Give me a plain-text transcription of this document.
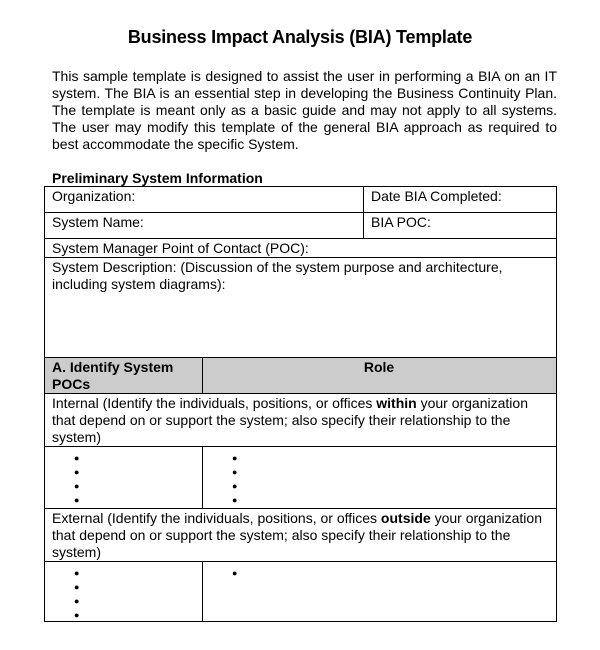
Business Impact Analysis (BIA) Template

This sample template is designed to assist the user in performing a BIA on an IT system. The BIA is an essential step in developing the Business Continuity Plan. The template is meant only as a basic guide and may not apply to all systems. The user may modify this template of the general BIA approach as required to best accommodate the specific System.

Preliminary System Information
Organization:		Date BIA Completed:
System Name:		BIA POC:
System Manager Point of Contact (POC):		
System Description: (Discussion of the system purpose and architecture, including system diagrams):		
A. Identify System POCs	Role	
Internal (Identify the individuals, positions, or offices within your organization that depend on or support the system; also specify their relationship to the system)		

●
●
●
●

●
●
●
●

External (Identify the individuals, positions, or offices outside your organization that depend on or support the system; also specify their relationship to the system)		

●
●
●
●

●
